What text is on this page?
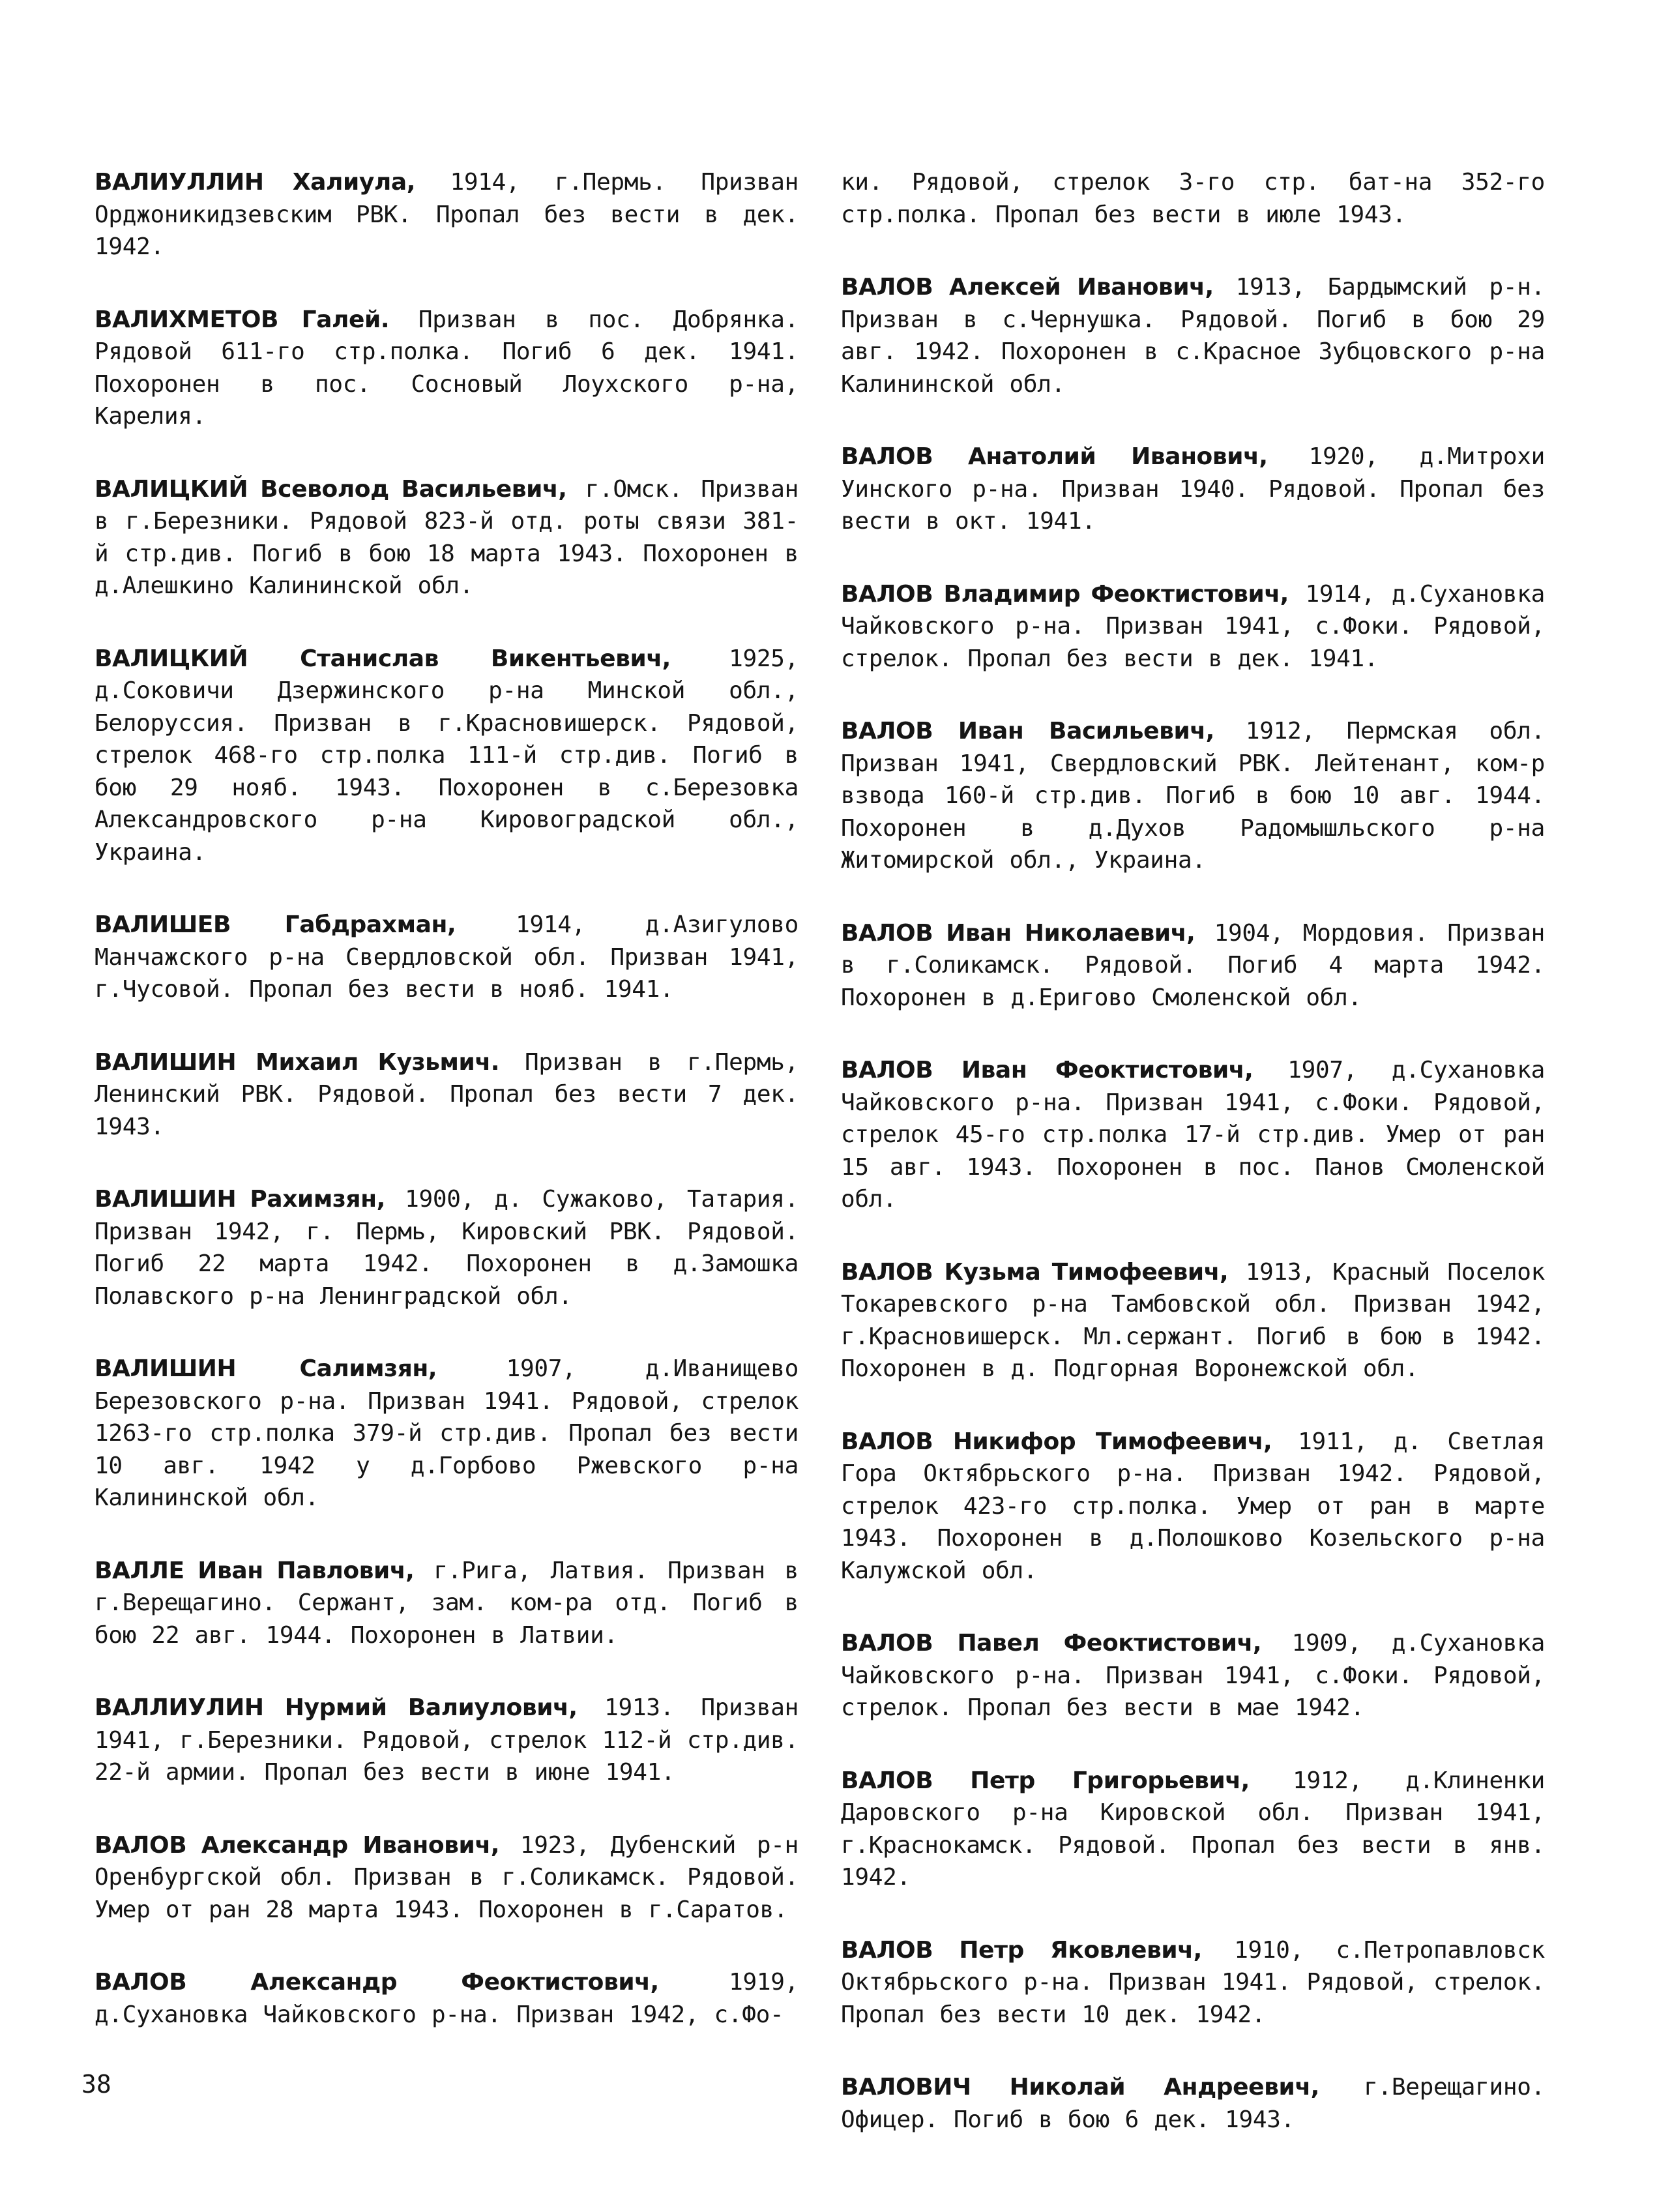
ВАЛИУЛЛИН Халиула, 1914, г.Пермь. Призван Орджоникидзевским РВК. Пропал без вести в дек. 1942.

ВАЛИХМЕТОВ Галей. Призван в пос. Добрянка. Рядовой 611-го стр.полка. Погиб 6 дек. 1941. Похоронен в пос. Сосновый Лоухского р-на, Карелия.

ВАЛИЦКИЙ Всеволод Васильевич, г.Омск. Призван в г.Березники. Рядовой 823-й отд. роты связи 381-й стр.див. Погиб в бою 18 марта 1943. Похоронен в д.Алешкино Калининской обл.

ВАЛИЦКИЙ Станислав Викентьевич, 1925, д.Соковичи Дзержинского р-на Минской обл., Белоруссия. Призван в г.Красновишерск. Рядовой, стрелок 468-го стр.полка 111-й стр.див. Погиб в бою 29 нояб. 1943. Похоронен в с.Березовка Александровского р-на Кировоградской обл., Украина.

ВАЛИШЕВ Габдрахман,	1914, д.Азигулово Манчажского р-на Свердловской обл. Призван 1941, г.Чусовой. Пропал без вести в нояб. 1941.

ВАЛИШИН Михаил Кузьмич. Призван в г.Пермь, Ленинский РВК. Рядовой. Пропал без вести 7 дек. 1943.

ВАЛИШИН Рахимзян, 1900, д. Сужаково, Татария. Призван 1942, г. Пермь, Кировский РВК. Рядовой. Погиб 22 марта 1942. Похоронен в д.Замошка Полавского р-на Ленинградской обл.

ВАЛИШИН Салимзян,	1907, д.Иванищево Березовского р-на. Призван 1941. Рядовой, стрелок 1263-го стр.полка 379-й стр.див. Пропал без вести 10 авг. 1942 у д.Горбово Ржевского р-на Калининской обл.

ВАЛЛЕ Иван Павлович, г.Рига, Латвия. Призван в г.Верещагино. Сержант, зам. ком-ра отд. Погиб в бою 22 авг. 1944. Похоронен в Латвии.

ВАЛЛИУЛИН Нурмий Валиулович, 1913. Призван 1941, г.Березники. Рядовой, стрелок 112-й стр.див. 22-й армии. Пропал без вести в июне 1941.

ВАЛОВ Александр Иванович, 1923, Дубенский р-н Оренбургской обл. Призван в г.Соликамск. Рядовой. Умер от ран 28 марта 1943. Похоронен в г.Саратов.

ВАЛОВ Александр Феоктистович,	1919, д.Сухановка Чайковского р-на. Призван 1942, с.Фо-

ки. Рядовой, стрелок 3-го стр. бат-на 352-го стр.полка. Пропал без вести в июле 1943.

ВАЛОВ Алексей Иванович, 1913, Бардымский р-н. Призван в с.Чернушка. Рядовой. Погиб в бою 29 авг. 1942. Похоронен в с.Красное Зубцовского р-на Калининской обл.

ВАЛОВ Анатолий Иванович, 1920, д.Митрохи Уинского р-на. Призван 1940. Рядовой. Пропал без вести в окт. 1941.

ВАЛОВ Владимир Феоктистович, 1914, д.Сухановка Чайковского р-на. Призван 1941, с.Фоки. Рядовой, стрелок. Пропал без вести в дек. 1941.

ВАЛОВ Иван Васильевич, 1912, Пермская обл. Призван 1941, Свердловский РВК. Лейтенант, ком-р взвода 160-й стр.див. Погиб в бою 10 авг. 1944. Похоронен в д.Духов Радомышльского р-на Житомирской обл., Украина.

ВАЛОВ Иван Николаевич, 1904, Мордовия. Призван в г.Соликамск. Рядовой. Погиб 4 марта 1942. Похоронен в д.Еригово Смоленской обл.

ВАЛОВ Иван Феоктистович, 1907, д.Сухановка Чайковского р-на. Призван 1941, с.Фоки. Рядовой, стрелок 45-го стр.полка 17-й стр.див. Умер от ран 15 авг. 1943. Похоронен в пос. Панов Смоленской обл.

ВАЛОВ Кузьма Тимофеевич, 1913, Красный Поселок Токаревского р-на Тамбовской обл. Призван 1942, г.Красновишерск. Мл.сержант. Погиб в бою в 1942. Похоронен в д. Подгорная Воронежской обл.

ВАЛОВ Никифор Тимофеевич, 1911, д. Светлая Гора Октябрьского р-на. Призван 1942. Рядовой, стрелок 423-го стр.полка. Умер от ран в марте 1943. Похоронен в д.Полошково Козельского р-на Калужской обл.

ВАЛОВ Павел Феоктистович, 1909, д.Сухановка Чайковского р-на. Призван 1941, с.Фоки. Рядовой, стрелок. Пропал без вести в мае 1942.

ВАЛОВ Петр Григорьевич, 1912, д.Клиненки Даровского р-на Кировской обл. Призван 1941, г.Краснокамск. Рядовой. Пропал без вести в янв. 1942.

ВАЛОВ Петр Яковлевич, 1910, с.Петропавловск Октябрьского р-на. Призван 1941. Рядовой, стрелок. Пропал без вести 10 дек. 1942.

ВАЛОВИЧ Николай Андреевич, г.Верещагино. Офицер. Погиб в бою 6 дек. 1943.

38
